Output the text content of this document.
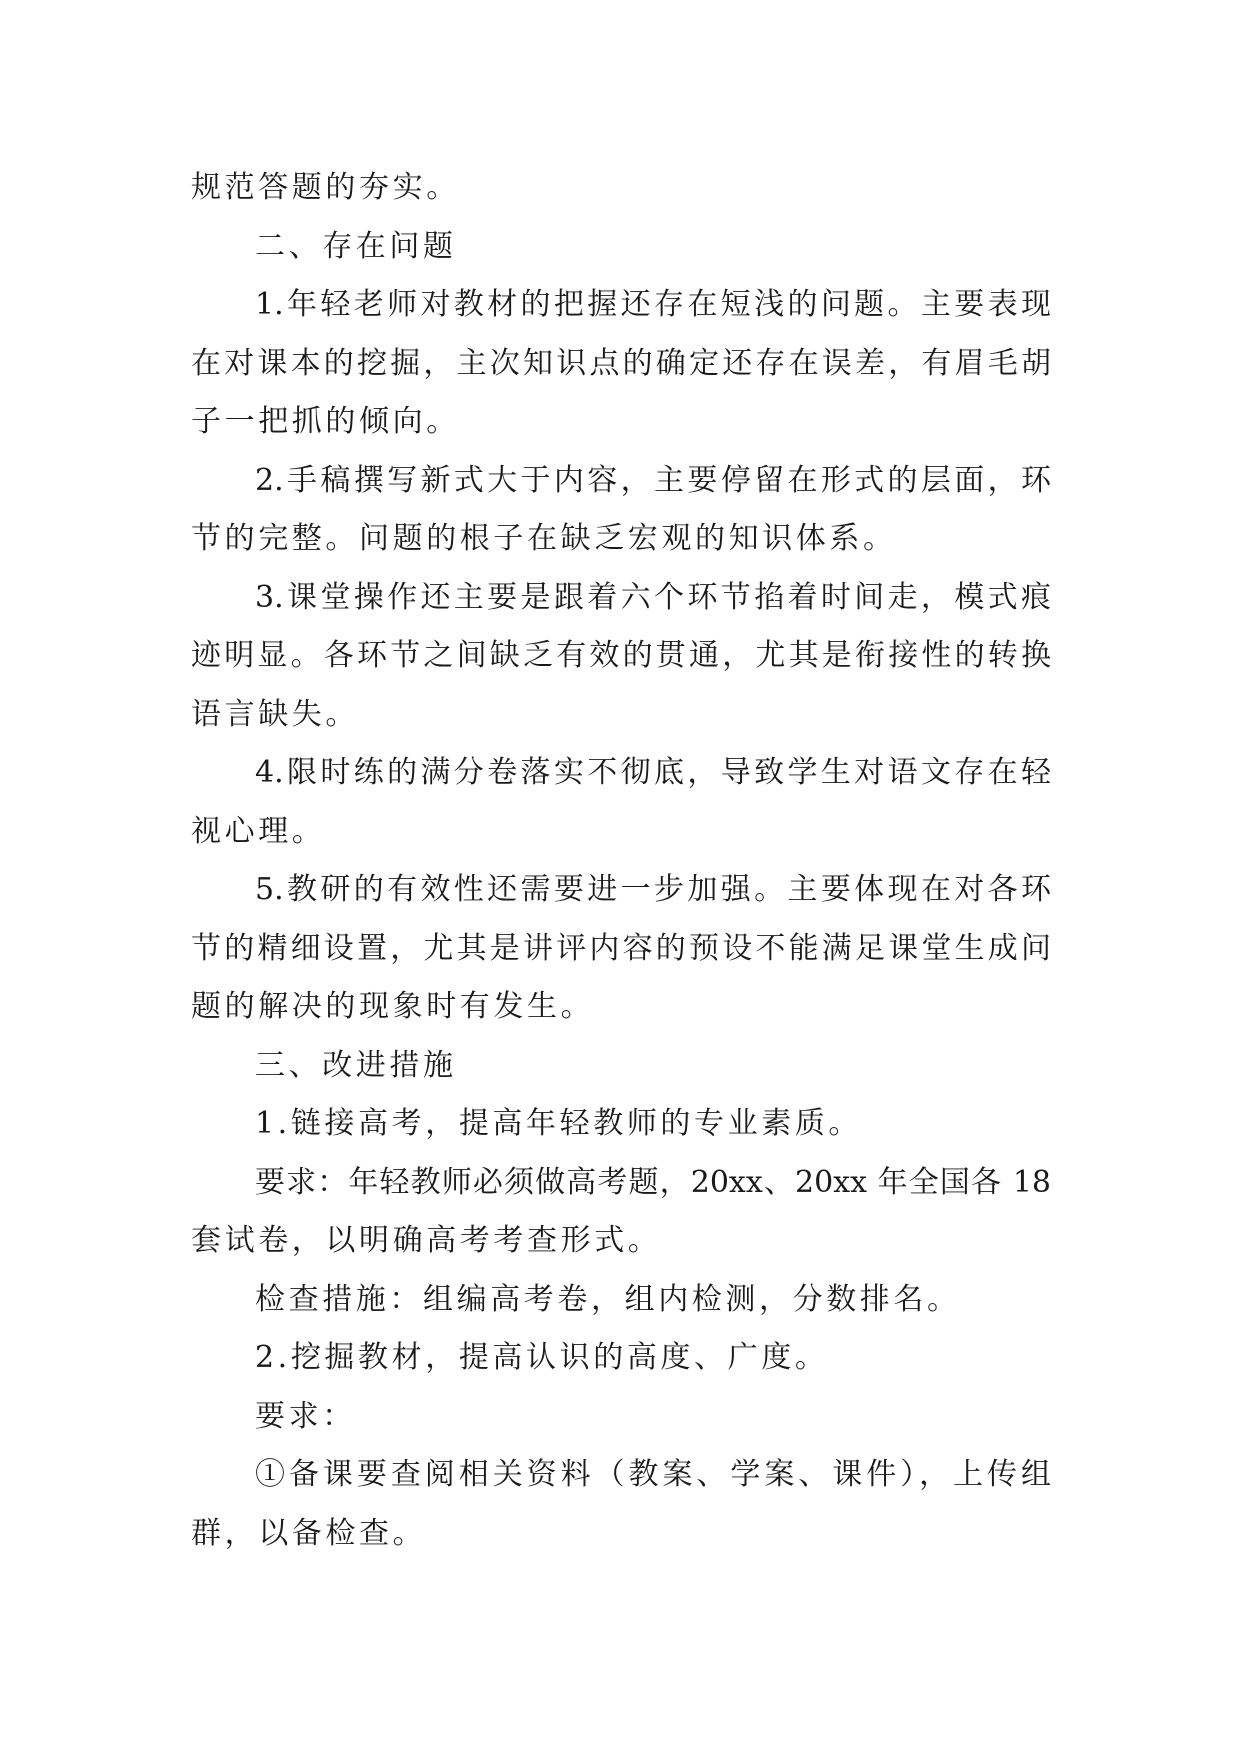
规范答题的夯实。
二、存在问题
1.年轻老师对教材的把握还存在短浅的问题。主要表现
在对课本的挖掘，主次知识点的确定还存在误差，有眉毛胡
子一把抓的倾向。
2.手稿撰写新式大于内容，主要停留在形式的层面，环
节的完整。问题的根子在缺乏宏观的知识体系。
3.课堂操作还主要是跟着六个环节掐着时间走，模式痕
迹明显。各环节之间缺乏有效的贯通，尤其是衔接性的转换
语言缺失。
4.限时练的满分卷落实不彻底，导致学生对语文存在轻
视心理。
5.教研的有效性还需要进一步加强。主要体现在对各环
节的精细设置，尤其是讲评内容的预设不能满足课堂生成问
题的解决的现象时有发生。
三、改进措施
1.链接高考，提高年轻教师的专业素质。
要求：年轻教师必须做高考题，20xx、20xx 年全国各 18
套试卷，以明确高考考查形式。
检查措施：组编高考卷，组内检测，分数排名。
2.挖掘教材，提高认识的高度、广度。
要求：
①备课要查阅相关资料（教案、学案、课件），上传组
群，以备检查。
